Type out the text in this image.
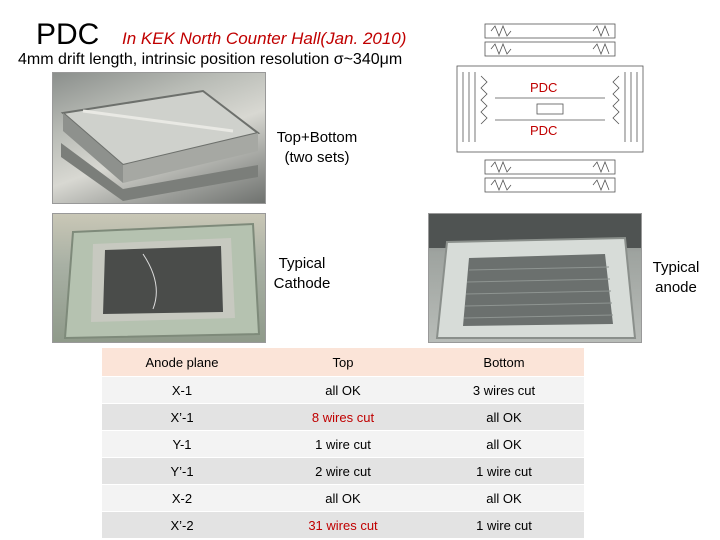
PDC In KEK North Counter Hall(Jan. 2010)
4mm drift length, intrinsic position resolution σ~340μm
Top+Bottom
(two sets)
Typical
Cathode
Typical
anode
PDC
PDC
Anode plane	Top	Bottom
X-1	all OK	3 wires cut
X’-1	8 wires cut	all OK
Y-1	1 wire cut	all OK
Y’-1	2 wire cut	1 wire cut
X-2	all OK	all OK
X’-2	31 wires cut	1 wire cut
